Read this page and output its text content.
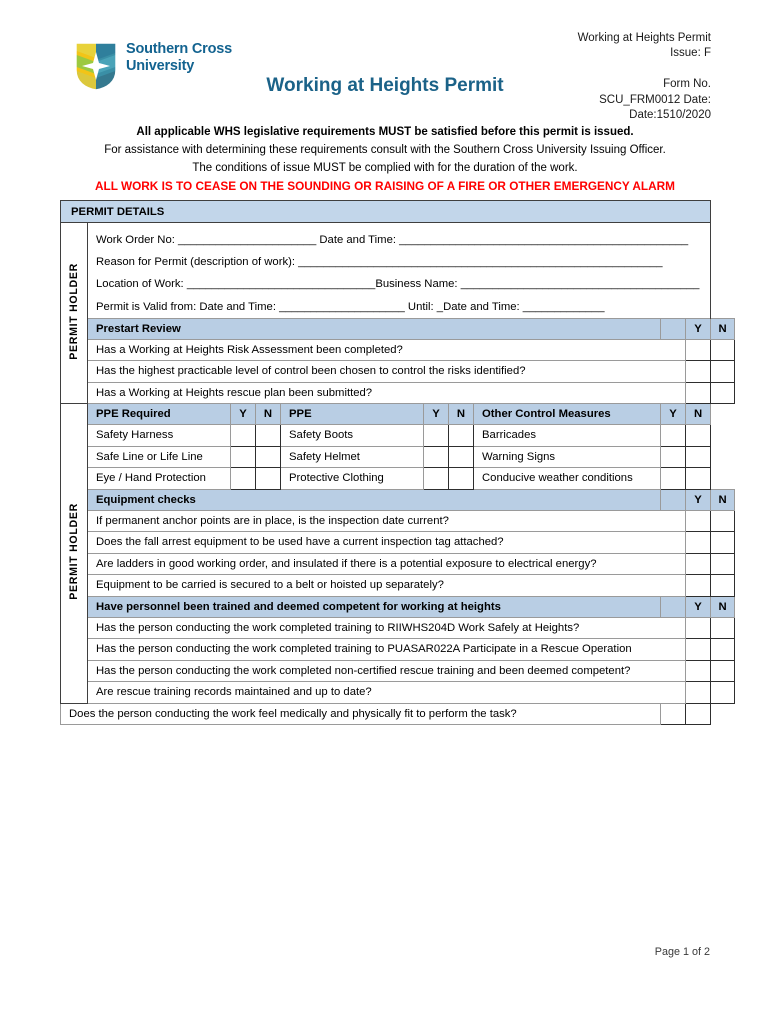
Southern Cross
University
Working at Heights Permit
Working at Heights Permit
Issue: F
Form No.
SCU_FRM0012 Date:
Date:1510/2020
All applicable WHS legislative requirements MUST be satisfied before this permit is issued.
For assistance with determining these requirements consult with the Southern Cross University Issuing Officer.
The conditions of issue MUST be complied with for the duration of the work.
ALL WORK IS TO CEASE ON THE SOUNDING OR RAISING OF A FIRE OR OTHER EMERGENCY ALARM
PERMIT DETAILS										
PERMIT HOLDER	Work Order No: ______________________ Date and Time: ______________________________________________									
	Reason for Permit (description of work): __________________________________________________________									
	Location of Work: ______________________________Business Name: ______________________________________									
	Permit is Valid from: Date and Time: ____________________ Until: _Date and Time: _____________									
	Prestart Review								Y	N
	Has a Working at Heights Risk Assessment been completed?									
	Has the highest practicable level of control been chosen to control the risks identified?									
	Has a Working at Heights rescue plan been submitted?									
PERMIT HOLDER	PPE Required	Y	N	PPE	Y	N	Other Control Measures	Y	N	
	Safety Harness			Safety Boots			Barricades			
	Safe Line or Life Line			Safety Helmet			Warning Signs			
	Eye / Hand Protection			Protective Clothing			Conducive weather conditions			
	Equipment checks								Y	N
	If permanent anchor points are in place, is the inspection date current?									
	Does the fall arrest equipment to be used have a current inspection tag attached?									
	Are ladders in good working order, and insulated if there is a potential exposure to electrical energy?									
	Equipment to be carried is secured to a belt or hoisted up separately?									
	Have personnel been trained and deemed competent for working at heights								Y	N
	Has the person conducting the work completed training to RIIWHS204D Work Safely at Heights?									
	Has the person conducting the work completed training to PUASAR022A Participate in a Rescue Operation									
	Has the person conducting the work completed non-certified rescue training and been deemed competent?									
	Are rescue training records maintained and up to date?									
Does the person conducting the work feel medically and physically fit to perform the task?										
Page 1 of 2
